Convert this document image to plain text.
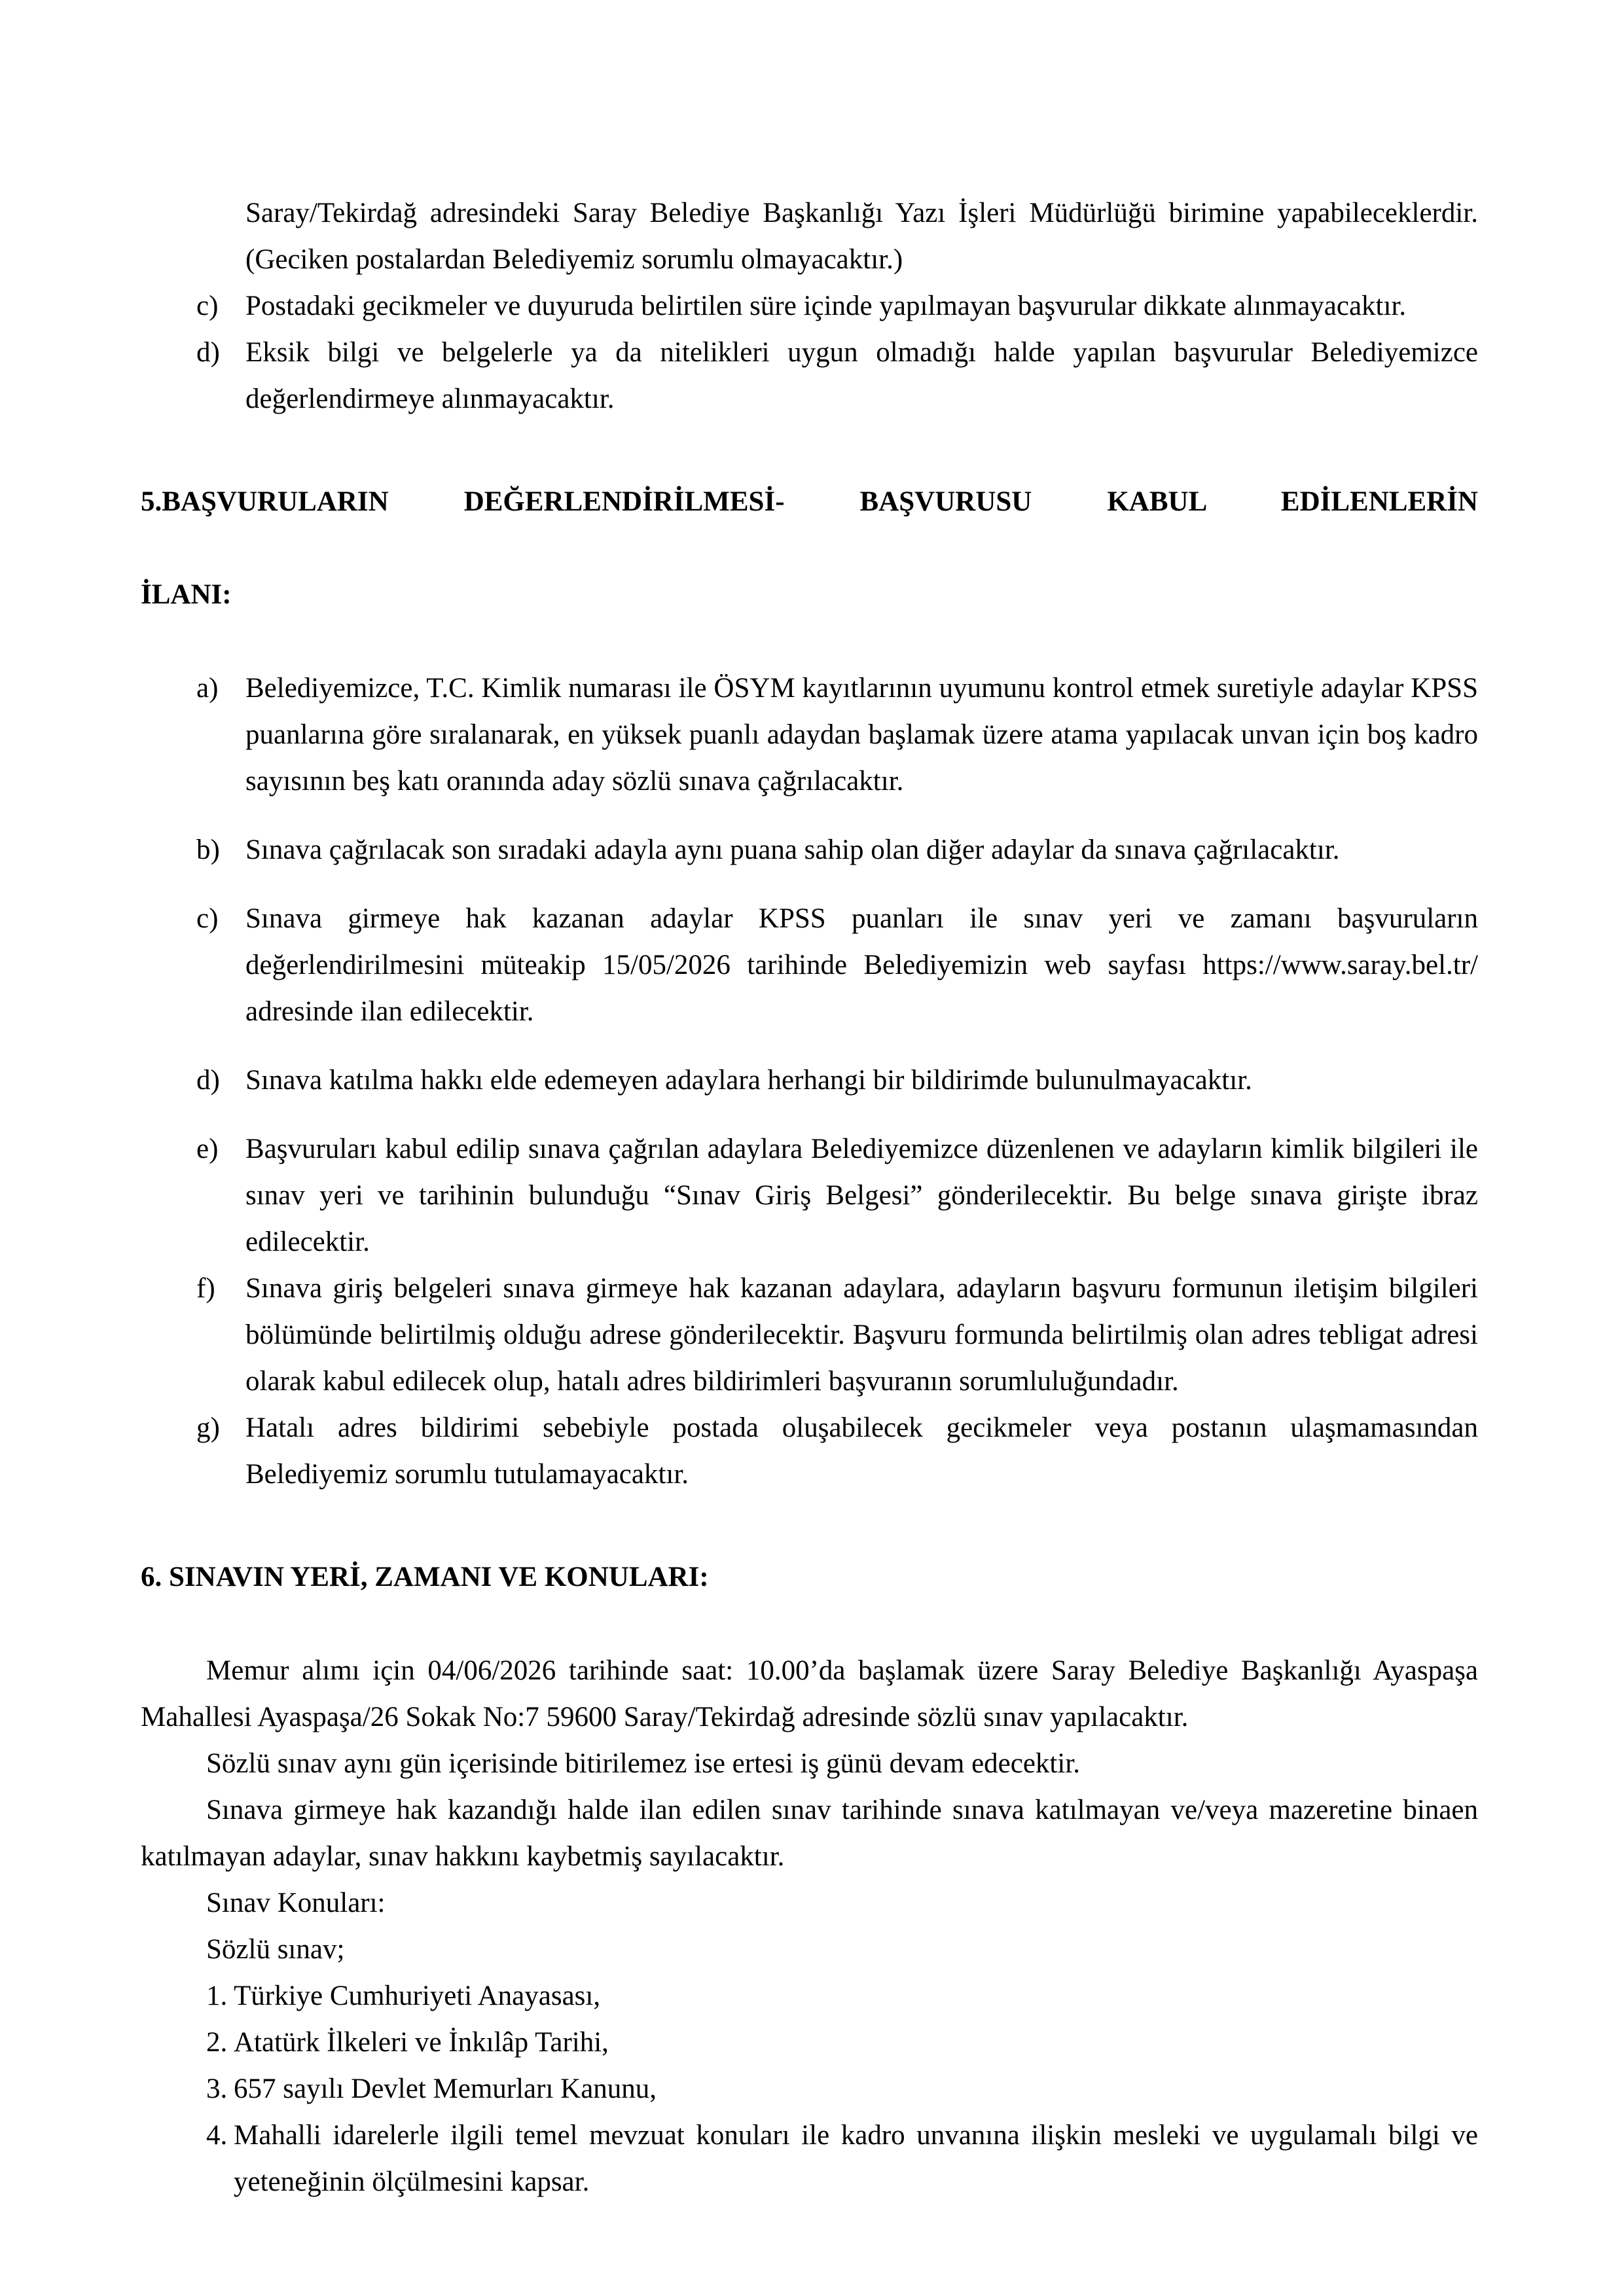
Saray/Tekirdağ adresindeki Saray Belediye Başkanlığı Yazı İşleri Müdürlüğü birimine yapabileceklerdir. (Geciken postalardan Belediyemiz sorumlu olmayacaktır.)

c) Postadaki gecikmeler ve duyuruda belirtilen süre içinde yapılmayan başvurular dikkate alınmayacaktır.
d) Eksik bilgi ve belgelerle ya da nitelikleri uygun olmadığı halde yapılan başvurular Belediyemizce değerlendirmeye alınmayacaktır.
5.BAŞVURULARIN DEĞERLENDİRİLMESİ- BAŞVURUSU KABUL EDİLENLERİN
İLANI:
a) Belediyemizce, T.C. Kimlik numarası ile ÖSYM kayıtlarının uyumunu kontrol etmek suretiyle adaylar KPSS puanlarına göre sıralanarak, en yüksek puanlı adaydan başlamak üzere atama yapılacak unvan için boş kadro sayısının beş katı oranında aday sözlü sınava çağrılacaktır.
b) Sınava çağrılacak son sıradaki adayla aynı puana sahip olan diğer adaylar da sınava çağrılacaktır.
c) Sınava girmeye hak kazanan adaylar KPSS puanları ile sınav yeri ve zamanı başvuruların değerlendirilmesini müteakip 15/05/2026 tarihinde Belediyemizin web sayfası https://www.saray.bel.tr/ adresinde ilan edilecektir.
d) Sınava katılma hakkı elde edemeyen adaylara herhangi bir bildirimde bulunulmayacaktır.
e) Başvuruları kabul edilip sınava çağrılan adaylara Belediyemizce düzenlenen ve adayların kimlik bilgileri ile sınav yeri ve tarihinin bulunduğu “Sınav Giriş Belgesi” gönderilecektir. Bu belge sınava girişte ibraz edilecektir.
f)	Sınava giriş belgeleri sınava girmeye hak kazanan adaylara, adayların başvuru formunun iletişim bilgileri bölümünde belirtilmiş olduğu adrese gönderilecektir. Başvuru formunda belirtilmiş olan adres tebligat adresi olarak kabul edilecek olup, hatalı adres bildirimleri başvuranın sorumluluğundadır.
g) Hatalı adres bildirimi sebebiyle postada oluşabilecek gecikmeler veya postanın ulaşmamasından Belediyemiz sorumlu tutulamayacaktır.
6. SINAVIN YERİ, ZAMANI VE KONULARI:

Memur alımı için 04/06/2026 tarihinde saat: 10.00’da başlamak üzere Saray Belediye Başkanlığı Ayaspaşa Mahallesi Ayaspaşa/26 Sokak No:7 59600 Saray/Tekirdağ adresinde sözlü sınav yapılacaktır.

Sözlü sınav aynı gün içerisinde bitirilemez ise ertesi iş günü devam edecektir.

Sınava girmeye hak kazandığı halde ilan edilen sınav tarihinde sınava katılmayan ve/veya mazeretine binaen katılmayan adaylar, sınav hakkını kaybetmiş sayılacaktır.

Sınav Konuları:

Sözlü sınav;

1. Türkiye Cumhuriyeti Anayasası,
2. Atatürk İlkeleri ve İnkılâp Tarihi,
3. 657 sayılı Devlet Memurları Kanunu,
4. Mahalli idarelerle ilgili temel mevzuat konuları ile kadro unvanına ilişkin mesleki ve uygulamalı bilgi ve yeteneğinin ölçülmesini kapsar.
